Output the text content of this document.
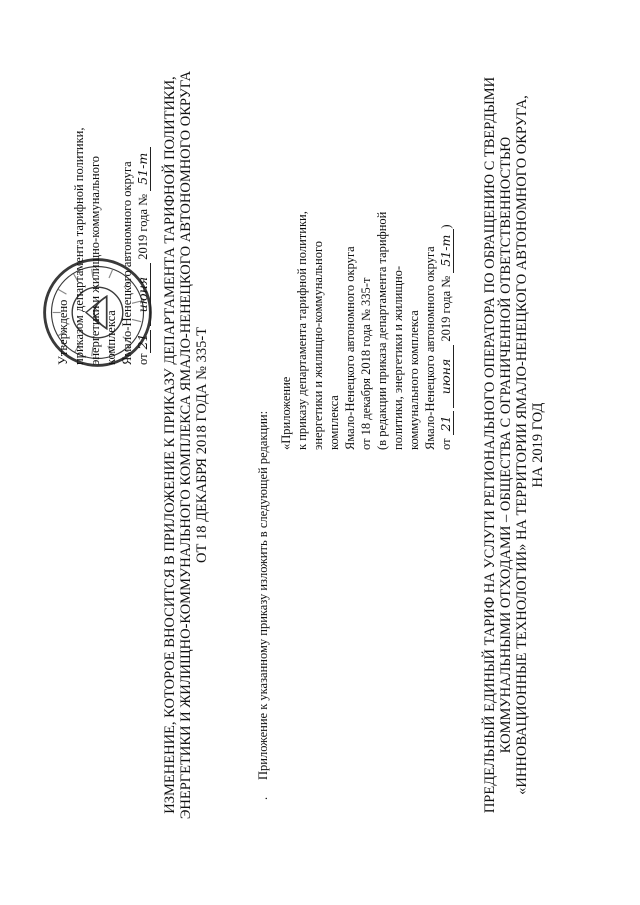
Утверждено приказом департамента тарифной политики, энергетики и жилищно-коммунального комплекса Ямало-Ненецкого автономного округа от21 июня 2019 года № 51-т ИЗМЕНЕНИЕ, КОТОРОЕ ВНОСИТСЯ В ПРИЛОЖЕНИЕ К ПРИКАЗУ ДЕПАРТАМЕНТА ТАРИФНОЙ ПОЛИТИКИ, ЭНЕРГЕТИКИ И ЖИЛИЩНО-КОММУНАЛЬНОГО КОМПЛЕКСА ЯМАЛО-НЕНЕЦКОГО АВТОНОМНОГО ОКРУГА ОТ 18 ДЕКАБРЯ 2018 ГОДА № 335-Т
.Приложение к указанному приказу изложить в следующей редакции: «Приложение к приказу департамента тарифной политики, энергетики и жилищно-коммунального комплекса Ямало-Ненецкого автономного округа от 18 декабря 2018 года № 335-т (в редакции приказа департамента тарифной политики, энергетики и жилищно- коммунального комплекса Ямало-Ненецкого автономного округа от 21 июня 2019 года № 51-т) ПРЕДЕЛЬНЫЙ ЕДИНЫЙ ТАРИФ НА УСЛУГИ РЕГИОНАЛЬНОГО ОПЕРАТОРА ПО ОБРАЩЕНИЮ С ТВЕРДЫМИ КОММУНАЛЬНЫМИ ОТХОДАМИ – ОБЩЕСТВА С ОГРАНИЧЕННОЙ ОТВЕТСТВЕННОСТЬЮ «ИННОВАЦИОННЫЕ ТЕХНОЛОГИИ» НА ТЕРРИТОРИИ ЯМАЛО-НЕНЕЦКОГО АВТОНОМНОГО ОКРУГА, НА 2019 ГОД
